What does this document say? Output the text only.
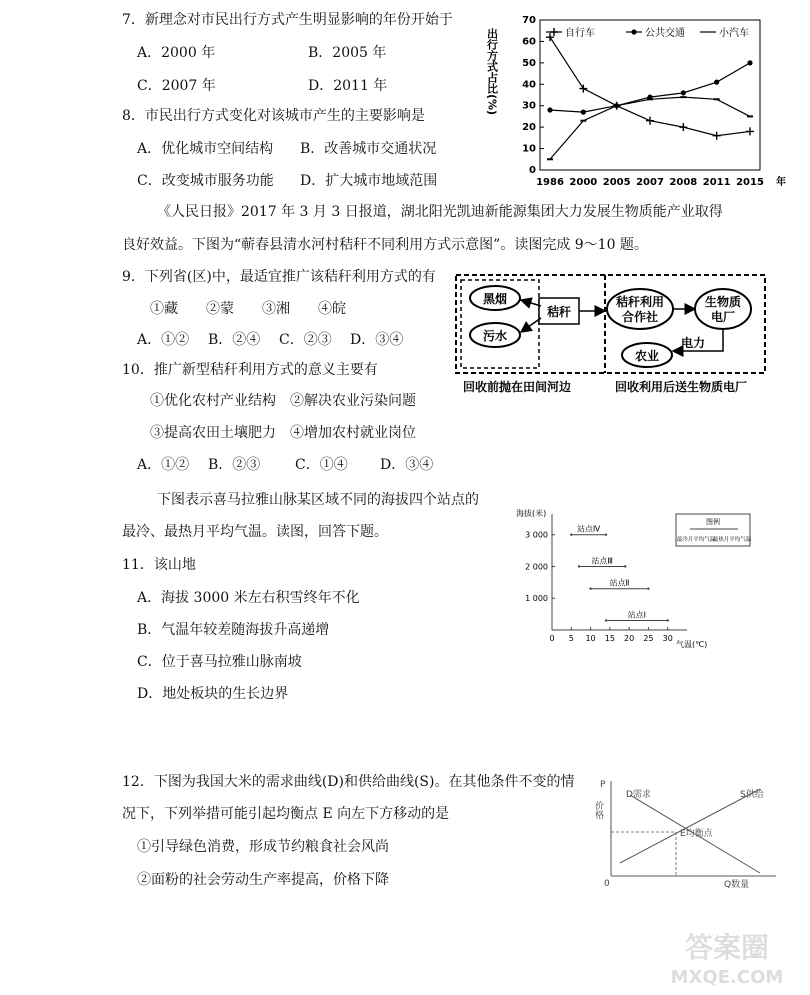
7．新理念对市民出行方式产生明显影响的年份开始于
A．2000 年	B．2005 年
C．2007 年	D．2011 年
8．市民出行方式变化对该城市产生的主要影响是
A．优化城市空间结构 B．改善城市交通状况
C．改变城市服务功能 D．扩大城市地域范围
0
10
20
30
40
50
60
70
出行方式占比(%)
1986 2000 2005 2007 2008 2011 2015 年
自行车	公共交通	小汽车
《人民日报》2017 年 3 月 3 日报道，湖北阳光凯迪新能源集团大力发展生物质能产业取得
良好效益。下图为“蕲春县清水河村秸秆不同利用方式示意图”。读图完成 9～10 题。
9．下列省(区)中，最适宜推广该秸秆利用方式的有
①藏　　②蒙　　③湘　　④皖
A．①② B．②④ C．②③ D．③④
黑烟
污水
秸秆
秸秆利用
合作社
生物质
电厂
电力
农业
回收前抛在田间河边	回收利用后送生物质电厂
10．推广新型秸秆利用方式的意义主要有
①优化农村产业结构　②解决农业污染问题
③提高农田土壤肥力　④增加农村就业岗位
A．①② B．②③ C．①④ D．③④
下图表示喜马拉雅山脉某区域不同的海拔四个站点的
最冷、最热月平均气温。读图，回答下题。
11．该山地
A．海拔 3000 米左右积雪终年不化
B．气温年较差随海拔升高递增
C．位于喜马拉雅山脉南坡
D．地处板块的生长边界
海拔(米)
1 000
2 000
3 000
0 5 10 15 20 25 30
气温(℃)
站点Ⅳ
站点Ⅲ
站点Ⅱ
站点Ⅰ
图例
最冷月平均气温
最热月平均气温
12．下图为我国大米的需求曲线(D)和供给曲线(S)。在其他条件不变的情
况下，下列举措可能引起均衡点 E 向左下方移动的是
①引导绿色消费，形成节约粮食社会风尚
②面粉的社会劳动生产率提高，价格下降
P
价格
D需求	S供给
E均衡点
0	Q数量
答案圈
MXQE.COM
